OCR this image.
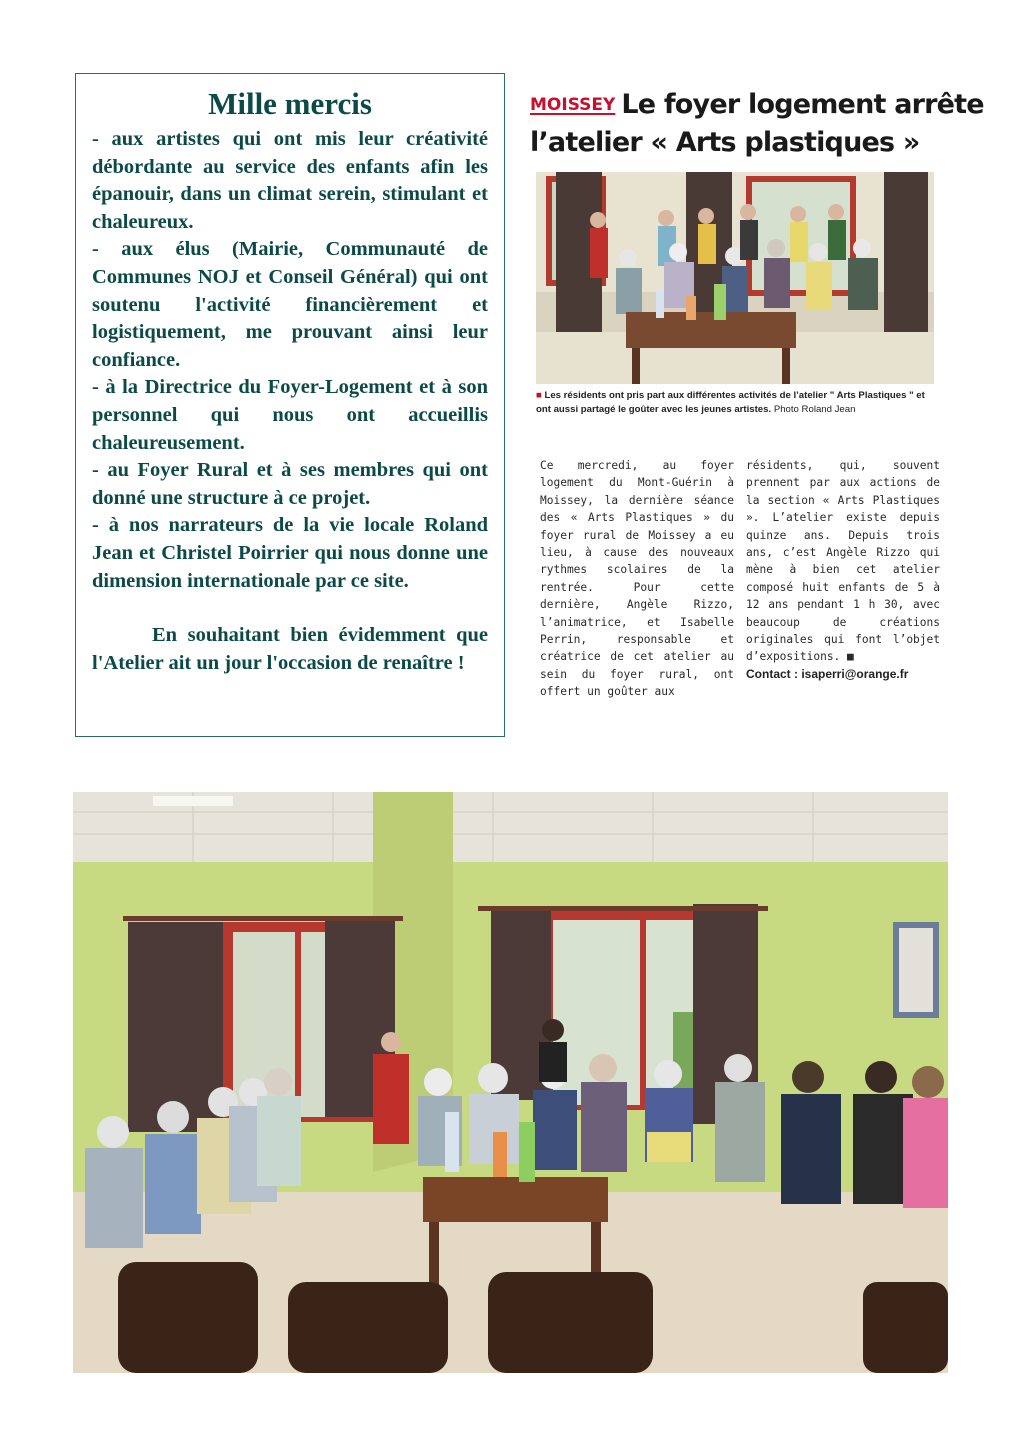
Mille mercis

- aux artistes qui ont mis leur créativité débordante au service des enfants afin les épanouir, dans un climat serein, stimulant et chaleureux.

- aux élus (Mairie, Communauté de Communes NOJ et Conseil Général) qui ont soutenu l'activité financièrement et logistiquement, me prouvant ainsi leur confiance.

- à la Directrice du Foyer-Logement et à son personnel qui nous ont accueillis chaleureusement.

- au Foyer Rural et à ses membres qui ont donné une structure à ce projet.

- à nos narrateurs de la vie locale Roland Jean et Christel Poirrier qui nous donne une dimension internationale par ce site.

En souhaitant bien évidemment que l'Atelier ait un jour l'occasion de renaître !

MOISSEY Le foyer logement arrête
l’atelier « Arts plastiques »
■ Les résidents ont pris part aux différentes activités de l’atelier " Arts Plastiques " et ont aussi partagé le goûter avec les jeunes artistes. Photo Roland Jean
Ce mercredi, au foyer logement du Mont-Guérin à Moissey, la dernière séance des « Arts Plastiques » du foyer rural de Moissey a eu lieu, à cause des nouveaux rythmes scolaires de la rentrée. Pour cette dernière, Angèle Rizzo, l’animatrice, et Isabelle Perrin, responsable et créatrice de cet atelier au sein du foyer rural, ont offert un goûter aux
résidents, qui, souvent prennent par aux actions de la section « Arts Plastiques ». L’atelier existe depuis quinze ans. Depuis trois ans, c’est Angèle Rizzo qui mène à bien cet atelier composé huit enfants de 5 à 12 ans pendant 1 h 30, avec beaucoup de créations originales qui font l’objet d’expositions. ■
Contact : isaperri@orange.fr
